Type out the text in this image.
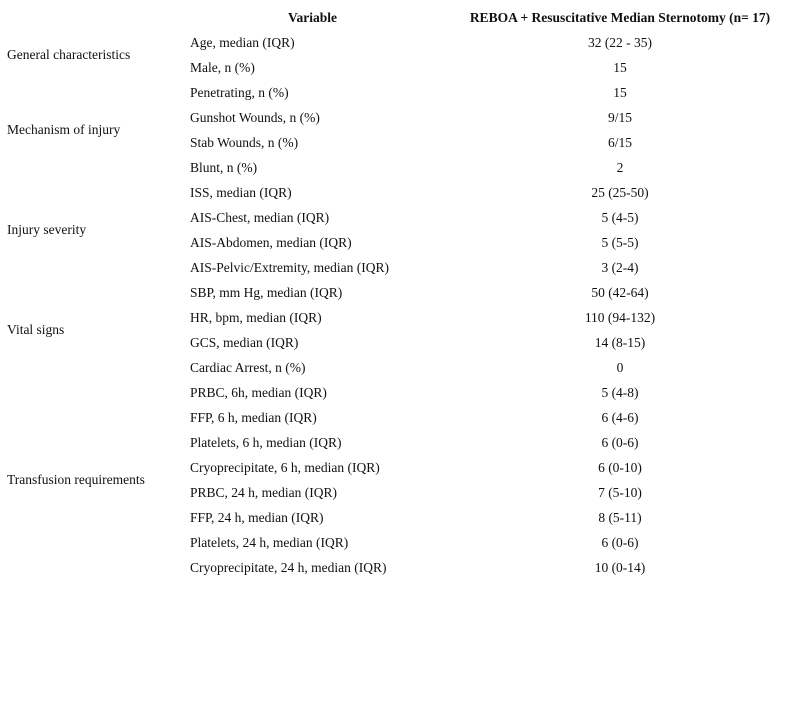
	Variable	REBOA + Resuscitative Median Sternotomy (n= 17)
General characteristics	Age, median (IQR)	32 (22 - 35)
	Male, n (%)	15
Mechanism of injury	Penetrating, n (%)	15
	Gunshot Wounds, n (%)	9/15
	Stab Wounds, n (%)	6/15
	Blunt, n (%)	2
Injury severity	ISS, median (IQR)	25 (25-50)
	AIS-Chest, median (IQR)	5 (4-5)
	AIS-Abdomen, median (IQR)	5 (5-5)
	AIS-Pelvic/Extremity, median (IQR)	3 (2-4)
Vital signs	SBP, mm Hg, median (IQR)	50 (42-64)
	HR, bpm, median (IQR)	110 (94-132)
	GCS, median (IQR)	14 (8-15)
	Cardiac Arrest, n (%)	0
Transfusion requirements	PRBC, 6h, median (IQR)	5 (4-8)
	FFP, 6 h, median (IQR)	6 (4-6)
	Platelets, 6 h, median (IQR)	6 (0-6)
	Cryoprecipitate, 6 h, median (IQR)	6 (0-10)
	PRBC, 24 h, median (IQR)	7 (5-10)
	FFP, 24 h, median (IQR)	8 (5-11)
	Platelets, 24 h, median (IQR)	6 (0-6)
	Cryoprecipitate, 24 h, median (IQR)	10 (0-14)
